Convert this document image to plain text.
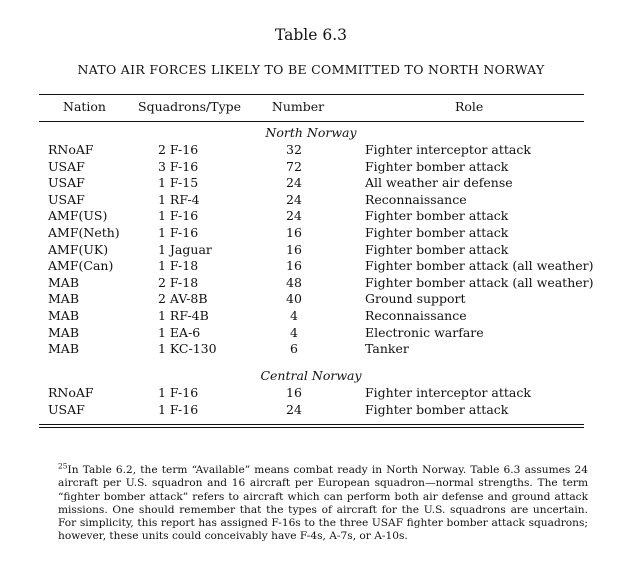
Table 6.3
NATO AIR FORCES LIKELY TO BE COMMITTED TO NORTH NORWAY
Nation	Squadrons/Type	Number	Role
North Norway
RNoAF	2 F-16	32	Fighter interceptor attack
USAF	3 F-16	72	Fighter bomber attack
USAF	1 F-15	24	All weather air defense
USAF	1 RF-4	24	Reconnaissance
AMF(US)	1 F-16	24	Fighter bomber attack
AMF(Neth)	1 F-16	16	Fighter bomber attack
AMF(UK)	1 Jaguar	16	Fighter bomber attack
AMF(Can)	1 F-18	16	Fighter bomber attack (all weather)
MAB	2 F-18	48	Fighter bomber attack (all weather)
MAB	2 AV-8B	40	Ground support
MAB	1 RF-4B	4	Reconnaissance
MAB	1 EA-6	4	Electronic warfare
MAB	1 KC-130	6	Tanker
Central Norway
RNoAF	1 F-16	16	Fighter interceptor attack
USAF	1 F-16	24	Fighter bomber attack
$^{25}$In Table 6.2, the term “Available” means combat ready in North Norway. Table 6.3 assumes 24 aircraft per U.S. squadron and 16 aircraft per European squadron—normal strengths. The term “fighter bomber attack” refers to aircraft which can perform both air defense and ground attack missions. One should remember that the types of aircraft for the U.S. squadrons are uncertain. For simplicity, this report has assigned F-16s to the three USAF fighter bomber attack squadrons; however, these units could conceivably have F-4s, A-7s, or A-10s.
